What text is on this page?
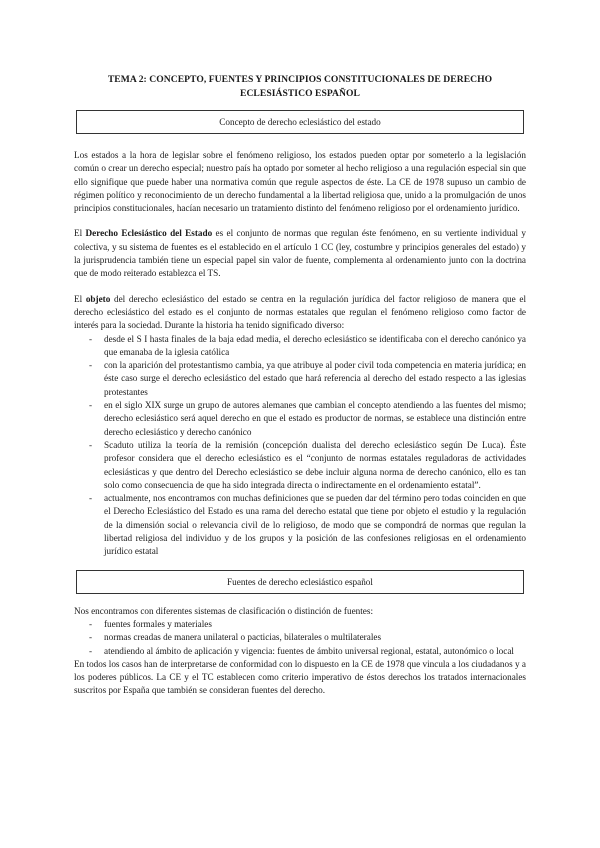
TEMA 2: CONCEPTO, FUENTES Y PRINCIPIOS CONSTITUCIONALES DE DERECHO
ECLESIÁSTICO ESPAÑOL
Concepto de derecho eclesiástico del estado

Los estados a la hora de legislar sobre el fenómeno religioso, los estados pueden optar por someterlo a la legislación común o crear un derecho especial; nuestro país ha optado por someter al hecho religioso a una regulación especial sin que ello signifique que puede haber una normativa común que regule aspectos de éste. La CE de 1978 supuso un cambio de régimen político y reconocimiento de un derecho fundamental a la libertad religiosa que, unido a la promulgación de unos principios constitucionales, hacían necesario un tratamiento distinto del fenómeno religioso por el ordenamiento jurídico.

El Derecho Eclesiástico del Estado es el conjunto de normas que regulan éste fenómeno, en su vertiente individual y colectiva, y su sistema de fuentes es el establecido en el artículo 1 CC (ley, costumbre y principios generales del estado) y la jurisprudencia también tiene un especial papel sin valor de fuente, complementa al ordenamiento junto con la doctrina que de modo reiterado establezca el TS.

El objeto del derecho eclesiástico del estado se centra en la regulación jurídica del factor religioso de manera que el derecho eclesiástico del estado es el conjunto de normas estatales que regulan el fenómeno religioso como factor de interés para la sociedad. Durante la historia ha tenido significado diverso:

- desde el S I hasta finales de la baja edad media, el derecho eclesiástico se identificaba con el derecho canónico ya que emanaba de la iglesia católica
- con la aparición del protestantismo cambia, ya que atribuye al poder civil toda competencia en materia jurídica; en éste caso surge el derecho eclesiástico del estado que hará referencia al derecho del estado respecto a las iglesias protestantes
- en el siglo XIX surge un grupo de autores alemanes que cambian el concepto atendiendo a las fuentes del mismo; derecho eclesiástico será aquel derecho en que el estado es productor de normas, se establece una distinción entre derecho eclesiástico y derecho canónico
- Scaduto utiliza la teoría de la remisión (concepción dualista del derecho eclesiástico según De Luca). Éste profesor considera que el derecho eclesiástico es el “conjunto de normas estatales reguladoras de actividades eclesiásticas y que dentro del Derecho eclesiástico se debe incluir alguna norma de derecho canónico, ello es tan solo como consecuencia de que ha sido integrada directa o indirectamente en el ordenamiento estatal”.
- actualmente, nos encontramos con muchas definiciones que se pueden dar del término pero todas coinciden en que el Derecho Eclesiástico del Estado es una rama del derecho estatal que tiene por objeto el estudio y la regulación de la dimensión social o relevancia civil de lo religioso, de modo que se compondrá de normas que regulan la libertad religiosa del individuo y de los grupos y la posición de las confesiones religiosas en el ordenamiento jurídico estatal
Fuentes de derecho eclesiástico español

Nos encontramos con diferentes sistemas de clasificación o distinción de fuentes:

- fuentes formales y materiales
- normas creadas de manera unilateral o pacticias, bilaterales o multilaterales
- atendiendo al ámbito de aplicación y vigencia: fuentes de ámbito universal regional, estatal, autonómico o local

En todos los casos han de interpretarse de conformidad con lo dispuesto en la CE de 1978 que vincula a los ciudadanos y a los poderes públicos. La CE y el TC establecen como criterio imperativo de éstos derechos los tratados internacionales suscritos por España que también se consideran fuentes del derecho.
